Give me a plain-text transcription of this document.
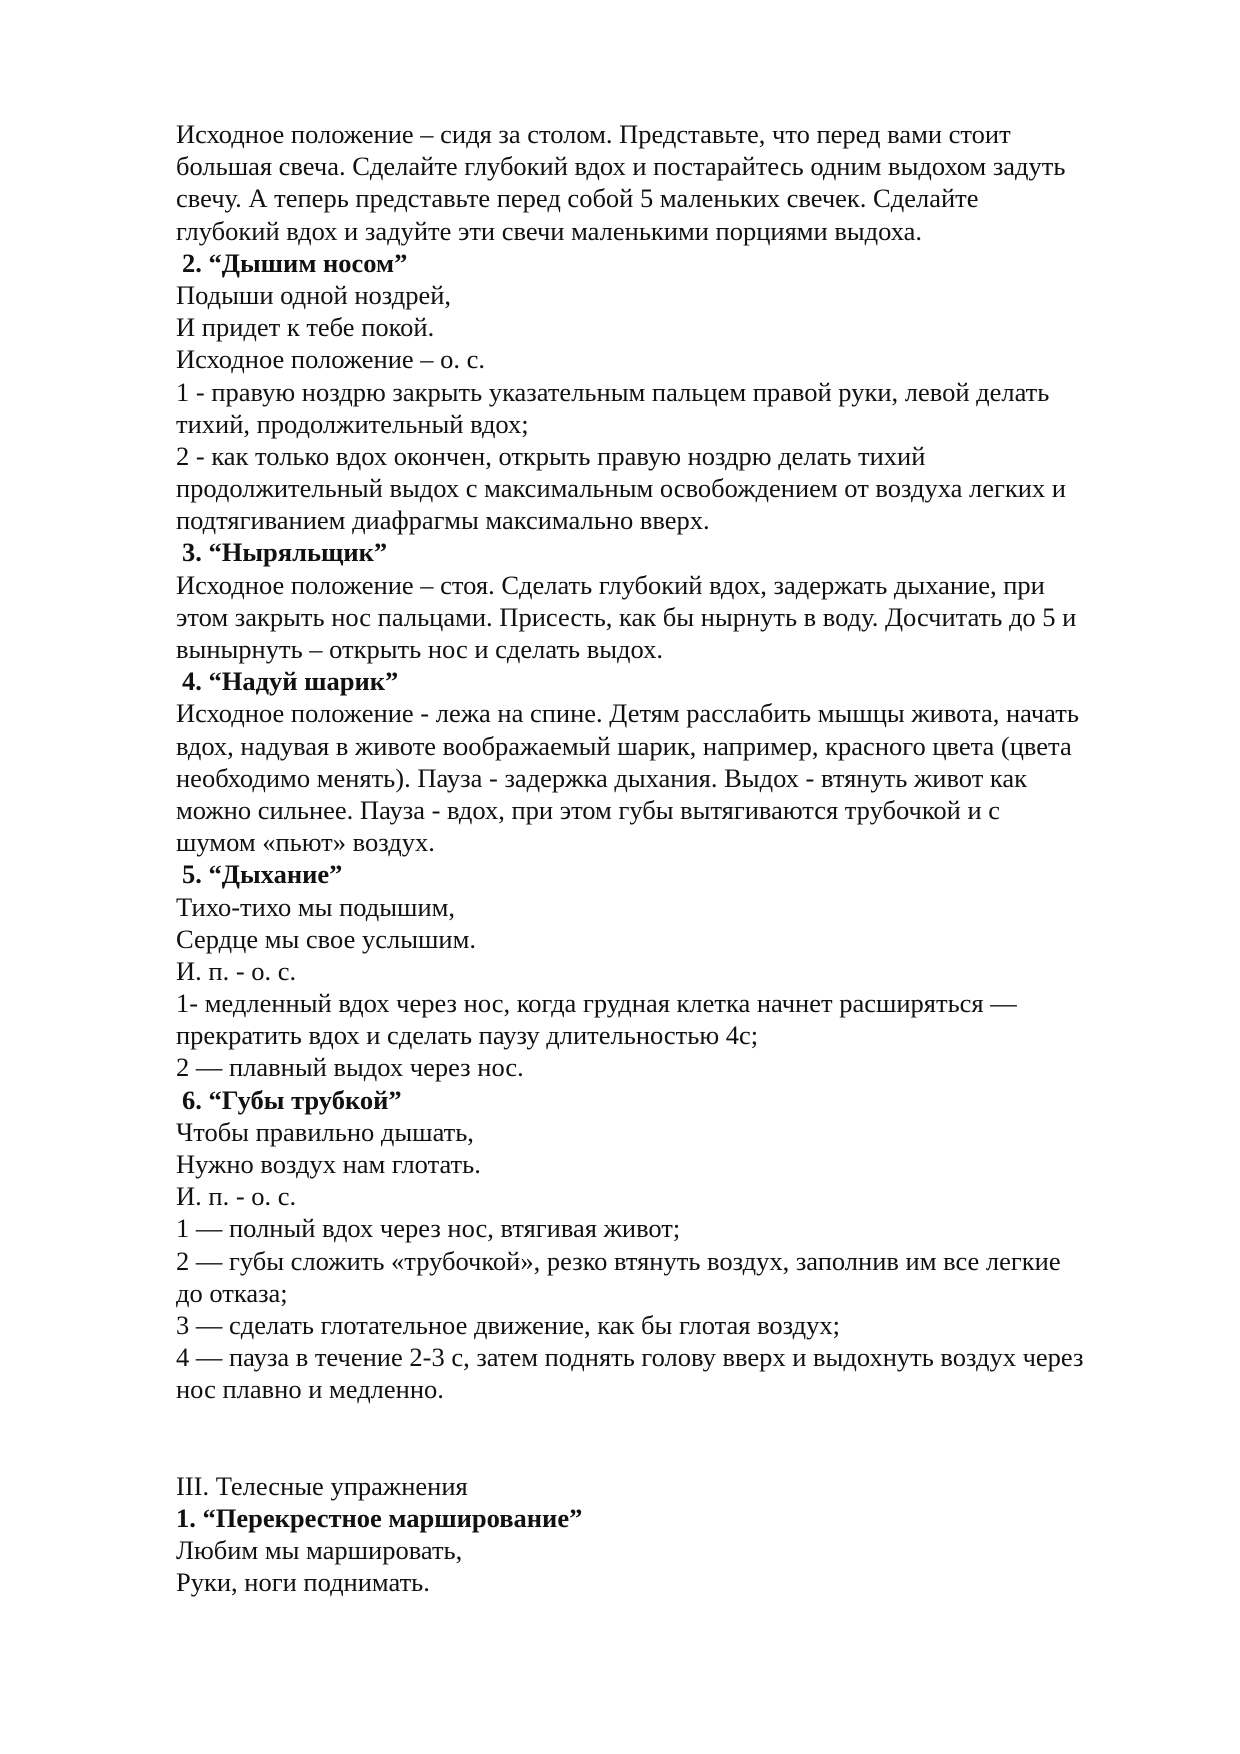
Исходное положение – сидя за столом. Представьте, что перед вами стоит
большая свеча. Сделайте глубокий вдох и постарайтесь одним выдохом задуть
свечу. А теперь представьте перед собой 5 маленьких свечек. Сделайте
глубокий вдох и задуйте эти свечи маленькими порциями выдоха.
2. “Дышим носом”
Подыши одной ноздрей,
И придет к тебе покой.
Исходное положение – о. с.
1 - правую ноздрю закрыть указательным пальцем правой руки, левой делать
тихий, продолжительный вдох;
2 - как только вдох окончен, открыть правую ноздрю делать тихий
продолжительный выдох с максимальным освобождением от воздуха легких и
подтягиванием диафрагмы максимально вверх.
3. “Ныряльщик”
Исходное положение – стоя. Сделать глубокий вдох, задержать дыхание, при
этом закрыть нос пальцами. Присесть, как бы нырнуть в воду. Досчитать до 5 и
вынырнуть – открыть нос и сделать выдох.
4. “Надуй шарик”
Исходное положение - лежа на спине. Детям расслабить мышцы живота, начать
вдох, надувая в животе воображаемый шарик, например, красного цвета (цвета
необходимо менять). Пауза - задержка дыхания. Выдох - втянуть живот как
можно сильнее. Пауза - вдох, при этом губы вытягиваются трубочкой и с
шумом «пьют» воздух.
5. “Дыхание”
Тихо-тихо мы подышим,
Сердце мы свое услышим.
И. п. - о. с.
1- медленный вдох через нос, когда грудная клетка начнет расширяться —
прекратить вдох и сделать паузу длительностью 4с;
2 — плавный выдох через нос.
6. “Губы трубкой”
Чтобы правильно дышать,
Нужно воздух нам глотать.
И. п. - о. с.
1 — полный вдох через нос, втягивая живот;
2 — губы сложить «трубочкой», резко втянуть воздух, заполнив им все легкие
до отказа;
3 — сделать глотательное движение, как бы глотая воздух;
4 — пауза в течение 2-3 с, затем поднять голову вверх и выдохнуть воздух через
нос плавно и медленно.
III. Телесные упражнения
1. “Перекрестное марширование”
Любим мы маршировать,
Руки, ноги поднимать.
